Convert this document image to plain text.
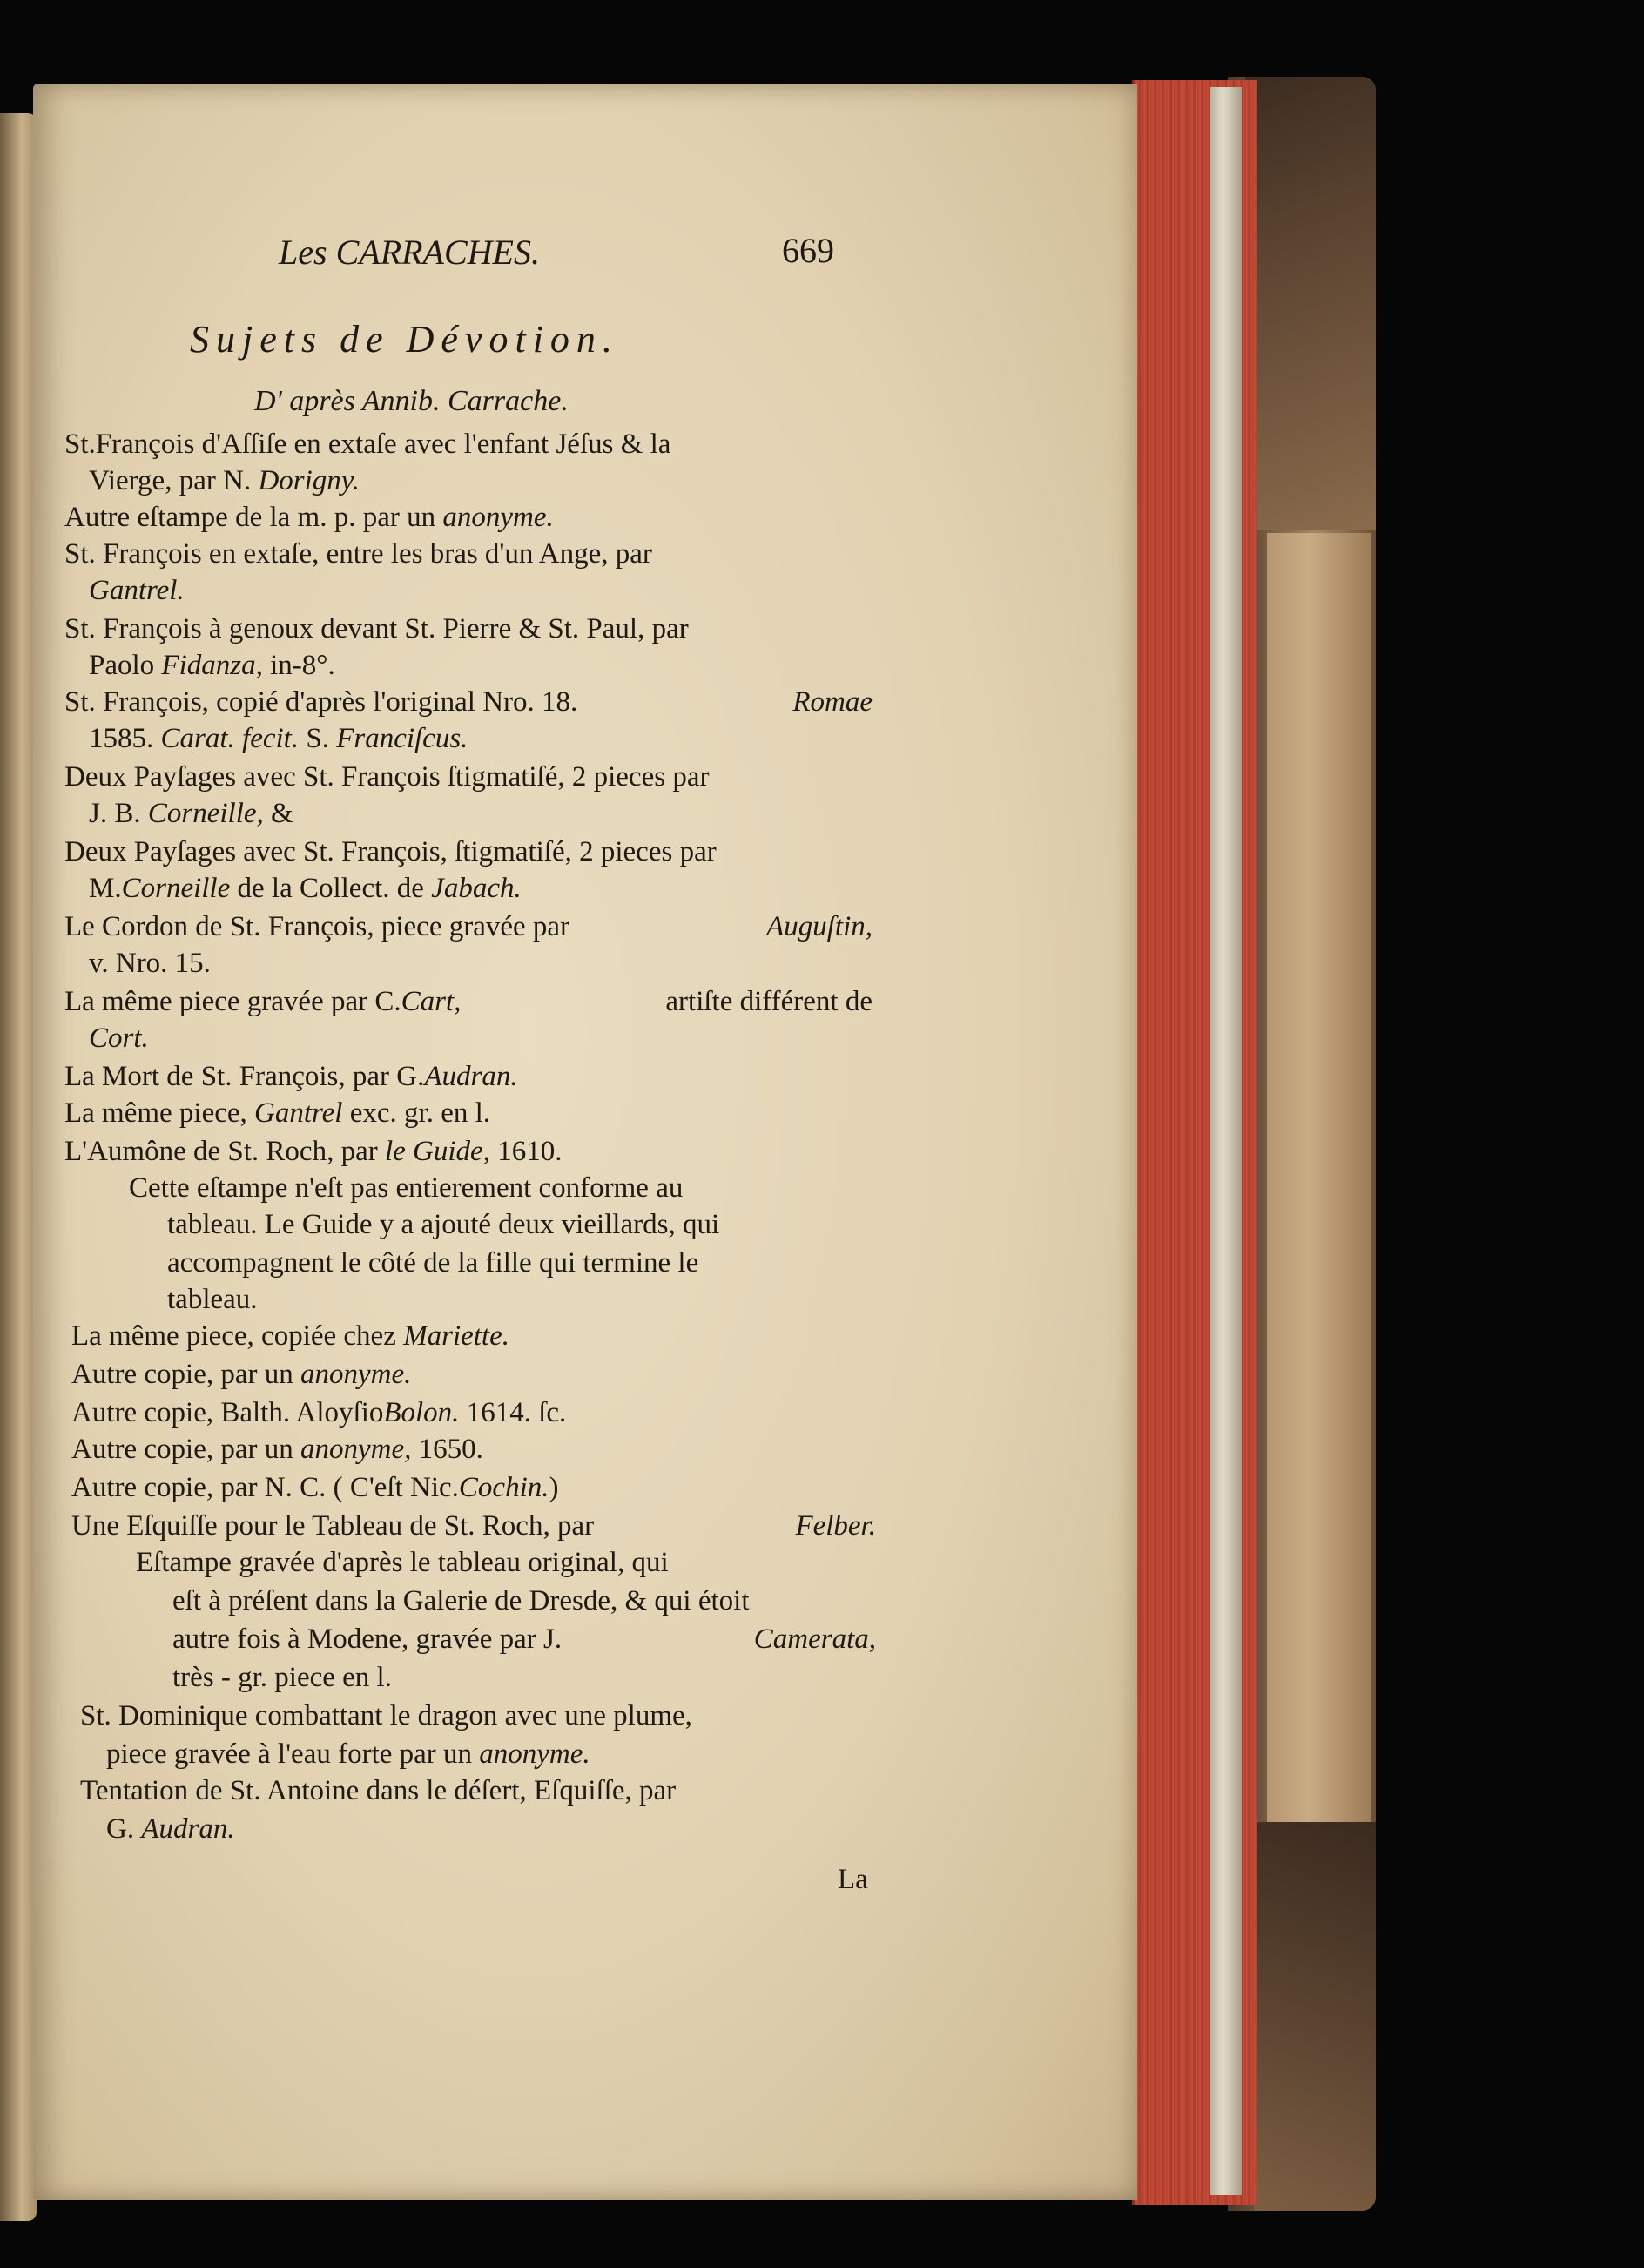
Les CARRACHES.	669
Sujets de Dévotion.
D' après Annib. Carrache.
St.François d'Aſſiſe en extaſe avec l'enfant Jéſus & la
Vierge, par N. Dorigny.
Autre eſtampe de la m. p. par un anonyme.
St. François en extaſe, entre les bras d'un Ange, par
Gantrel.
St. François à genoux devant St. Pierre & St. Paul, par
Paolo Fidanza, in-8°.
St. François, copié d'après l'original Nro. 18.	Romae
1585. Carat. fecit. S. Franciſcus.
Deux Payſages avec St. François ſtigmatiſé, 2 pieces par
J. B. Corneille, &
Deux Payſages avec St. François, ſtigmatiſé, 2 pieces par
M.Corneille de la Collect. de Jabach.
Le Cordon de St. François, piece gravée par	Auguſtin,
v. Nro. 15.
La même piece gravée par C.Cart,	artiſte différent de
Cort.
La Mort de St. François, par G.Audran.
La même piece, Gantrel exc. gr. en l.
L'Aumône de St. Roch, par le Guide, 1610.
Cette eſtampe n'eſt pas entierement conforme au
tableau. Le Guide y a ajouté deux vieillards, qui
accompagnent le côté de la fille qui termine le
tableau.
La même piece, copiée chez Mariette.
Autre copie, par un anonyme.
Autre copie, Balth. AloyſioBolon. 1614. ſc.
Autre copie, par un anonyme, 1650.
Autre copie, par N. C. ( C'eſt Nic.Cochin.)
Une Eſquiſſe pour le Tableau de St. Roch, par	Felber.
Eſtampe gravée d'après le tableau original, qui
eſt à préſent dans la Galerie de Dresde, & qui étoit
autre fois à Modene, gravée par J.	Camerata,
très - gr. piece en l.
St. Dominique combattant le dragon avec une plume,
piece gravée à l'eau forte par un anonyme.
Tentation de St. Antoine dans le déſert, Eſquiſſe, par
G. Audran.
La
